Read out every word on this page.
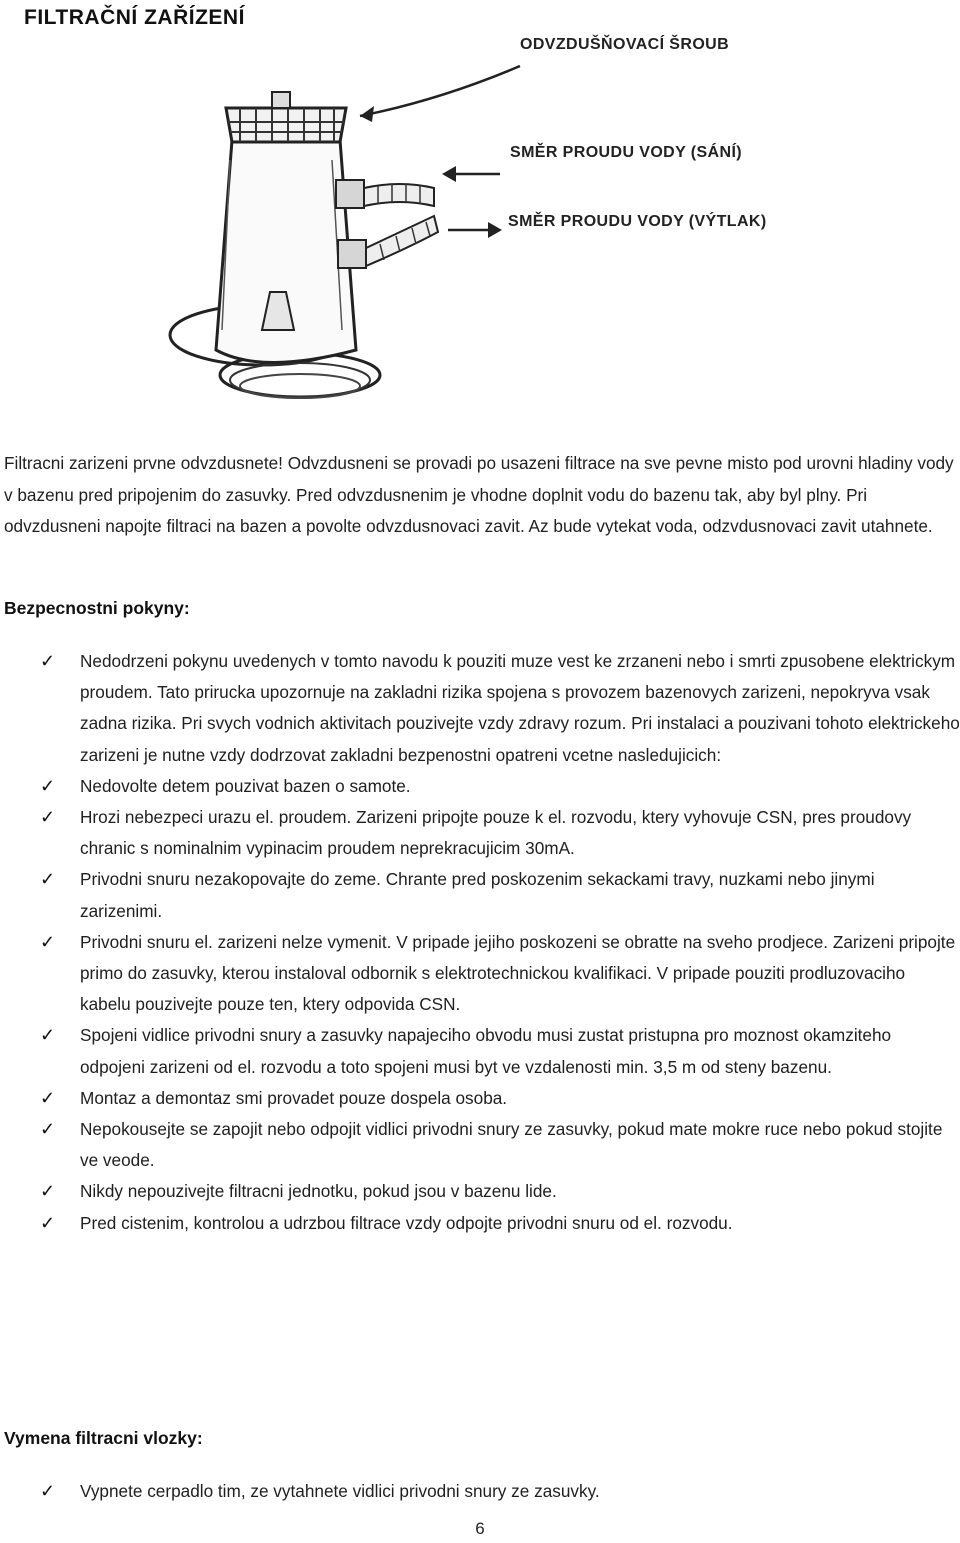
FILTRAČNÍ ZAŘÍZENÍ
ODVZDUŠŇOVACÍ ŠROUB
SMĚR PROUDU VODY (SÁNÍ)
SMĚR PROUDU VODY (VÝTLAK)

Filtracni zarizeni prvne odvzdusnete! Odvzdusneni se provadi po usazeni filtrace na sve pevne misto pod urovni hladiny vody v bazenu pred pripojenim do zasuvky. Pred odvzdusnenim je vhodne doplnit vodu do bazenu tak, aby byl plny. Pri odvzdusneni napojte filtraci na bazen a povolte odvzdusnovaci zavit. Az bude vytekat voda, odzvdusnovaci zavit utahnete.

Bezpecnostni pokyny:
✓ Nedodrzeni pokynu uvedenych v tomto navodu k pouziti muze vest ke zrzaneni nebo i smrti zpusobene elektrickym proudem. Tato prirucka upozornuje na zakladni rizika spojena s provozem bazenovych zarizeni, nepokryva vsak zadna rizika. Pri svych vodnich aktivitach pouzivejte vzdy zdravy rozum. Pri instalaci a pouzivani tohoto elektrickeho zarizeni je nutne vzdy dodrzovat zakladni bezpenostni opatreni vcetne nasledujicich:
✓ Nedovolte detem pouzivat bazen o samote.
✓ Hrozi nebezpeci urazu el. proudem. Zarizeni pripojte pouze k el. rozvodu, ktery vyhovuje CSN, pres proudovy chranic s nominalnim vypinacim proudem neprekracujicim 30mA.
✓ Privodni snuru nezakopovajte do zeme. Chrante pred poskozenim sekackami travy, nuzkami nebo jinymi zarizenimi.
✓ Privodni snuru el. zarizeni nelze vymenit. V pripade jejiho poskozeni se obratte na sveho prodjece. Zarizeni pripojte primo do zasuvky, kterou instaloval odbornik s elektrotechnickou kvalifikaci. V pripade pouziti prodluzovaciho kabelu pouzivejte pouze ten, ktery odpovida CSN.
✓ Spojeni vidlice privodni snury a zasuvky napajeciho obvodu musi zustat pristupna pro moznost okamziteho odpojeni zarizeni od el. rozvodu a toto spojeni musi byt ve vzdalenosti min. 3,5 m od steny bazenu.
✓ Montaz a demontaz smi provadet pouze dospela osoba.
✓ Nepokousejte se zapojit nebo odpojit vidlici privodni snury ze zasuvky, pokud mate mokre ruce nebo pokud stojite ve veode.
✓ Nikdy nepouzivejte filtracni jednotku, pokud jsou v bazenu lide.
✓ Pred cistenim, kontrolou a udrzbou filtrace vzdy odpojte privodni snuru od el. rozvodu.
Vymena filtracni vlozky:
✓ Vypnete cerpadlo tim, ze vytahnete vidlici privodni snury ze zasuvky.
6
